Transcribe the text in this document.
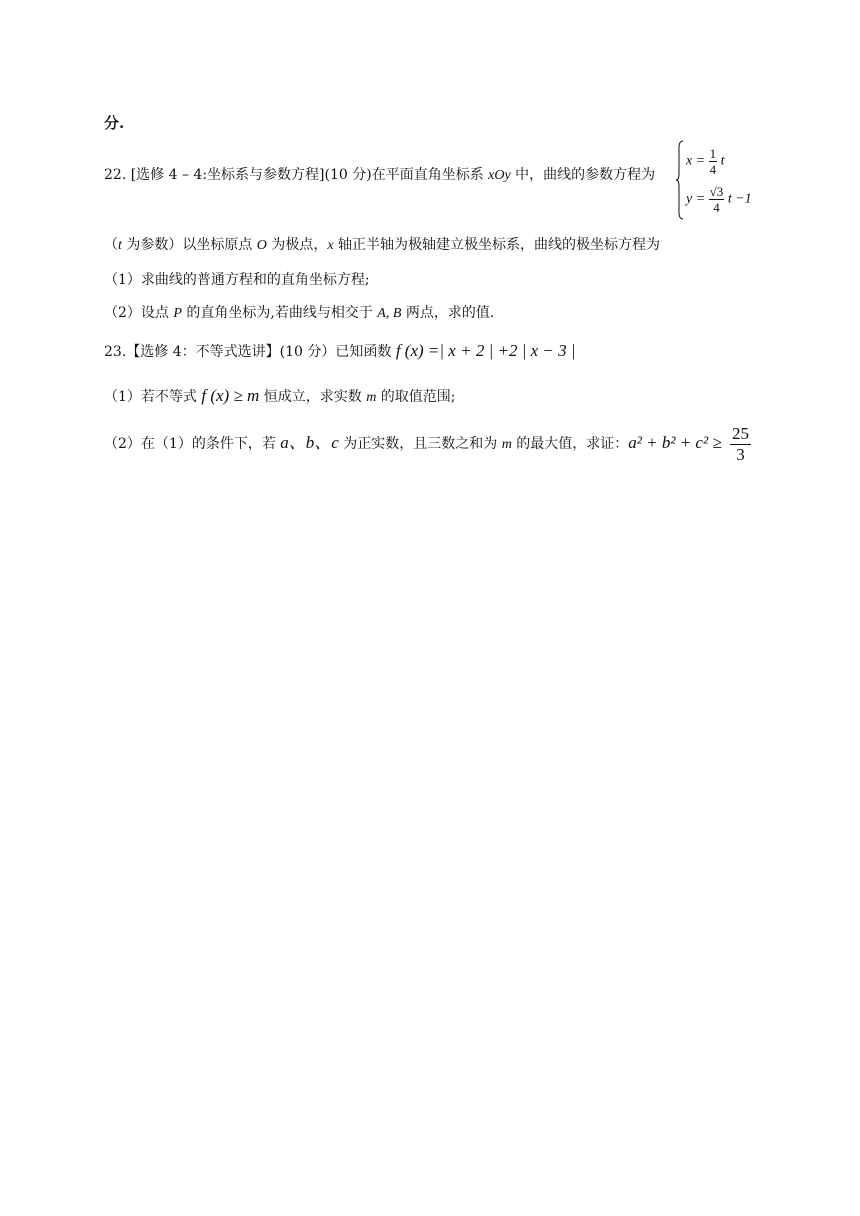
分.
22. [选修 4 – 4:坐标系与参数方程](10 分)在平面直角坐标系 xOy 中，曲线的参数方程为
$x = \frac{1}{4}$ t
$y = \frac{√3}{4}$ t −1
（t 为参数）以坐标原点 O 为极点，x 轴正半轴为极轴建立极坐标系，曲线的极坐标方程为
（1）求曲线的普通方程和的直角坐标方程;
（2）设点 P 的直角坐标为,若曲线与相交于 A, B 两点，求的值.
23.【选修 4：不等式选讲】(10 分）已知函数 f (x) =| x + 2 | +2 | x − 3 |
（1）若不等式 f (x) ≥ m 恒成立，求实数 m 的取值范围;
（2）在（1）的条件下，若 a、b、c 为正实数，且三数之和为 m 的最大值，求证：$a^2 + b^2 + c^2 \ge \frac{25}{3}$
